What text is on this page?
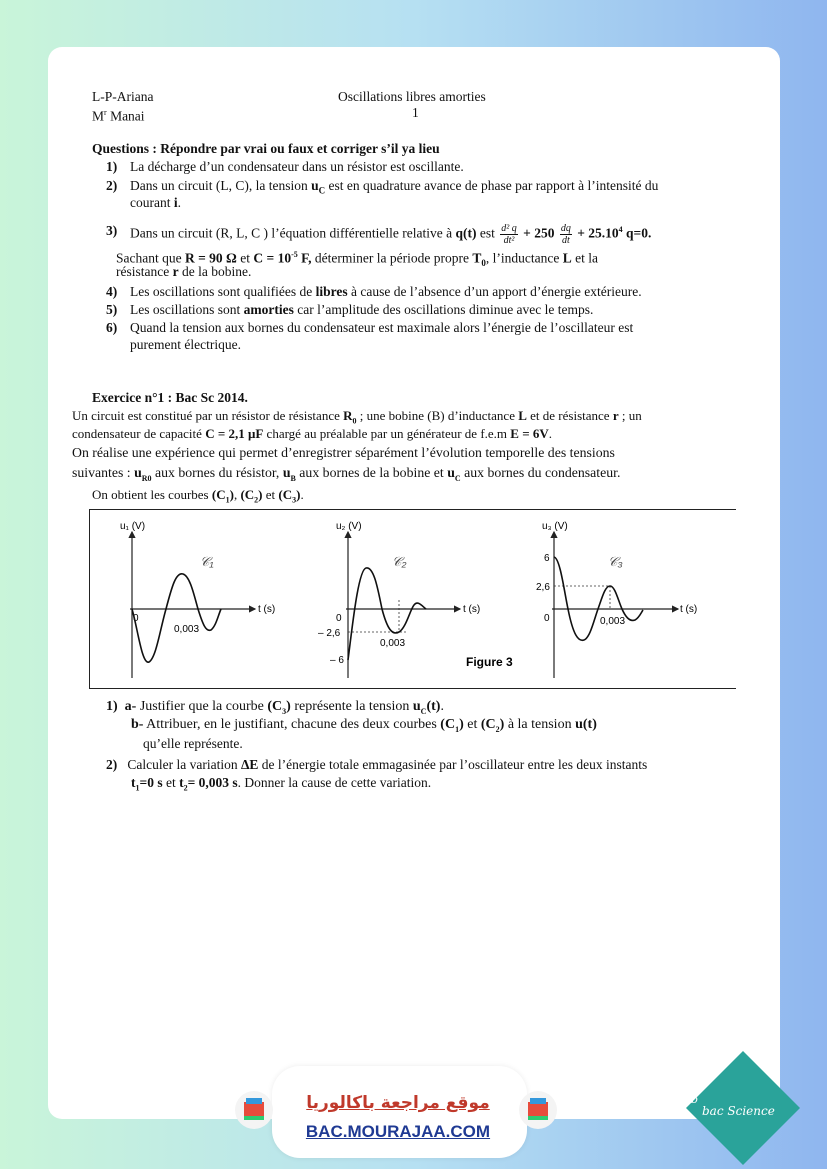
L-P-Ariana	Oscillations libres amorties
$M^r$ Manai	1
Questions : Répondre par vrai ou faux et corriger s’il ya lieu
1) La décharge d’un condensateur dans un résistor est oscillante.
2) Dans un circuit (L, C), la tension $u_C$ est en quadrature avance de phase par rapport à l’intensité du
courant i.
3) Dans un circuit (R, L, C ) l’équation différentielle relative à q(t) est $\frac{\text{d² q}}{\text{dt²}} + 250 \frac{dq}{dt} + 25.10^4$ q=0.
Sachant que R = 90 Ω et $C = 10^{-5}$ F, déterminer la période propre $T_0$, l’inductance L et la
résistance r de la bobine.
4) Les oscillations sont qualifiées de libres à cause de l’absence d’un apport d’énergie extérieure.
5) Les oscillations sont amorties car l’amplitude des oscillations diminue avec le temps.
6) Quand la tension aux bornes du condensateur est maximale alors l’énergie de l’oscillateur est
purement électrique.
Exercice n°1 : Bac Sc 2014.
Un circuit est constitué par un résistor de résistance $R_0$ ; une bobine (B) d’inductance L et de résistance r ; un
condensateur de capacité C = 2,1 μF chargé au préalable par un générateur de f.e.m E = 6V.
On réalise une expérience qui permet d’enregistrer séparément l’évolution temporelle des tensions
suivantes : $u_{R0}$ aux bornes du résistor, $u_B$ aux bornes de la bobine et $u_C$ aux bornes du condensateur.
On obtient les courbes $(C_1)$, $(C_2)$ et $(C_3)$.
u₁ (V)
t (s)
0
0,003
𝒞₁
u₂ (V)
t (s)
0
0,003
– 2,6
– 6
𝒞₂
u₃ (V)
t (s)
0	0,003
6
2,6
𝒞₃
Figure 3
1) a- Justifier que la courbe $(C_3)$ représente la tension $u_C(t)$.
b- Attribuer, en le justifiant, chacune des deux courbes $(C_1)$ et $(C_2)$ à la tension u(t)
qu’elle représente.
2) Calculer la variation ΔE de l’énergie totale emmagasinée par l’oscillateur entre les deux instants
$t_1=0$ s et $t_2= 0,003$ s. Donner la cause de cette variation.
موقع مراجعة باكالوريا
BAC.MOURAJAA.COM
b
bac Science
